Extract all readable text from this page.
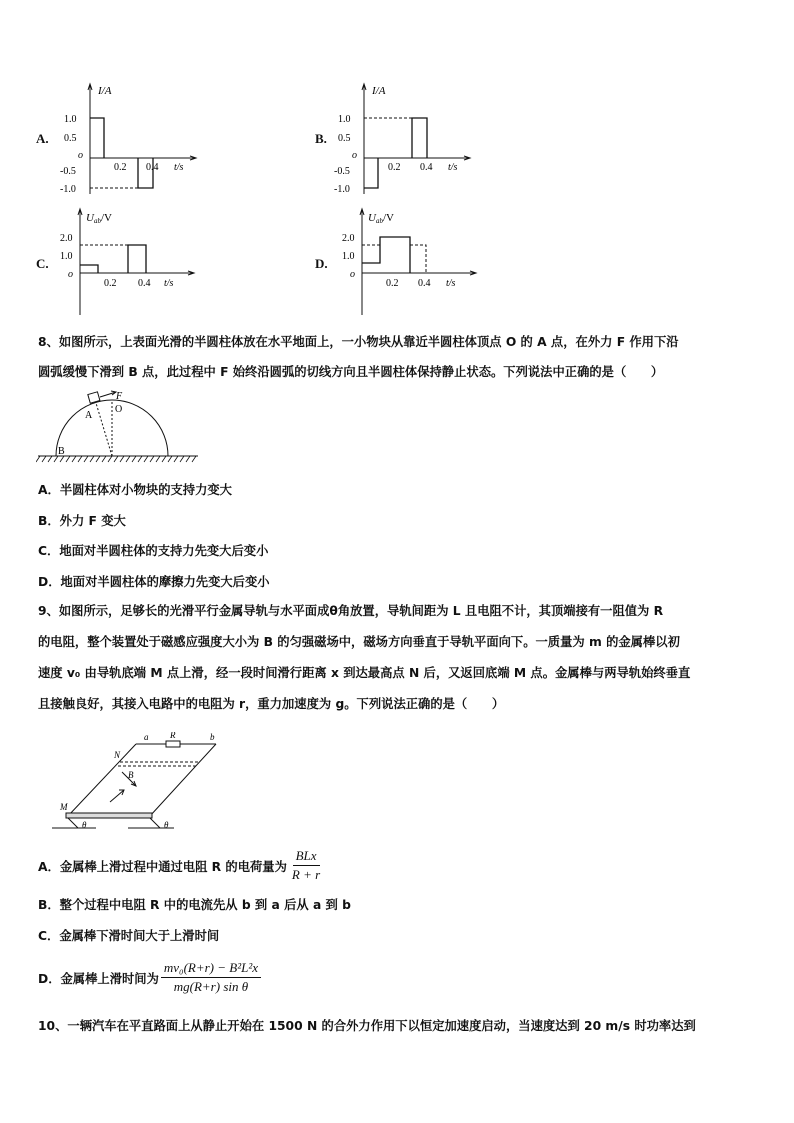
A.
I/A
1.0
0.5
o
-0.5
-1.0
0.2 0.4 t/s
B.
I/A
1.0
0.5
o
-0.5
-1.0
0.2 0.4 t/s
C.
Uab/V
2.0
1.0
o
0.2 0.4 t/s
D.
Uab/V
2.0
1.0
o
0.2 0.4 t/s
8、如图所示，上表面光滑的半圆柱体放在水平地面上，一小物块从靠近半圆柱体顶点 O 的 A 点，在外力 F 作用下沿
圆弧缓慢下滑到 B 点，此过程中 F 始终沿圆弧的切线方向且半圆柱体保持静止状态。下列说法中正确的是（　　）
F
A
O
B
A．半圆柱体对小物块的支持力变大
B．外力 F 变大
C．地面对半圆柱体的支持力先变大后变小
D．地面对半圆柱体的摩擦力先变大后变小
9、如图所示，足够长的光滑平行金属导轨与水平面成θ角放置，导轨间距为 L 且电阻不计，其顶端接有一阻值为 R
的电阻，整个装置处于磁感应强度大小为 B 的匀强磁场中，磁场方向垂直于导轨平面向下。一质量为 m 的金属棒以初
速度 v₀ 由导轨底端 M 点上滑，经一段时间滑行距离 x 到达最高点 N 后，又返回底端 M 点。金属棒与两导轨始终垂直
且接触良好，其接入电路中的电阻为 r，重力加速度为 g。下列说法正确的是（　　）
a R	b
N
B
M
θ	θ
A．金属棒上滑过程中通过电阻 R 的电荷量为 $\frac{\text{BLx}}{R + r}$
B．整个过程中电阻 R 中的电流先从 b 到 a 后从 a 到 b
C．金属棒下滑时间大于上滑时间
D．金属棒上滑时间为 $\frac{\text{mv₀(R+r) − B²L²x}}{\text{mg(R+r) sin θ}}$
10、一辆汽车在平直路面上从静止开始在 1500 N 的合外力作用下以恒定加速度启动，当速度达到 20 m/s 时功率达到
